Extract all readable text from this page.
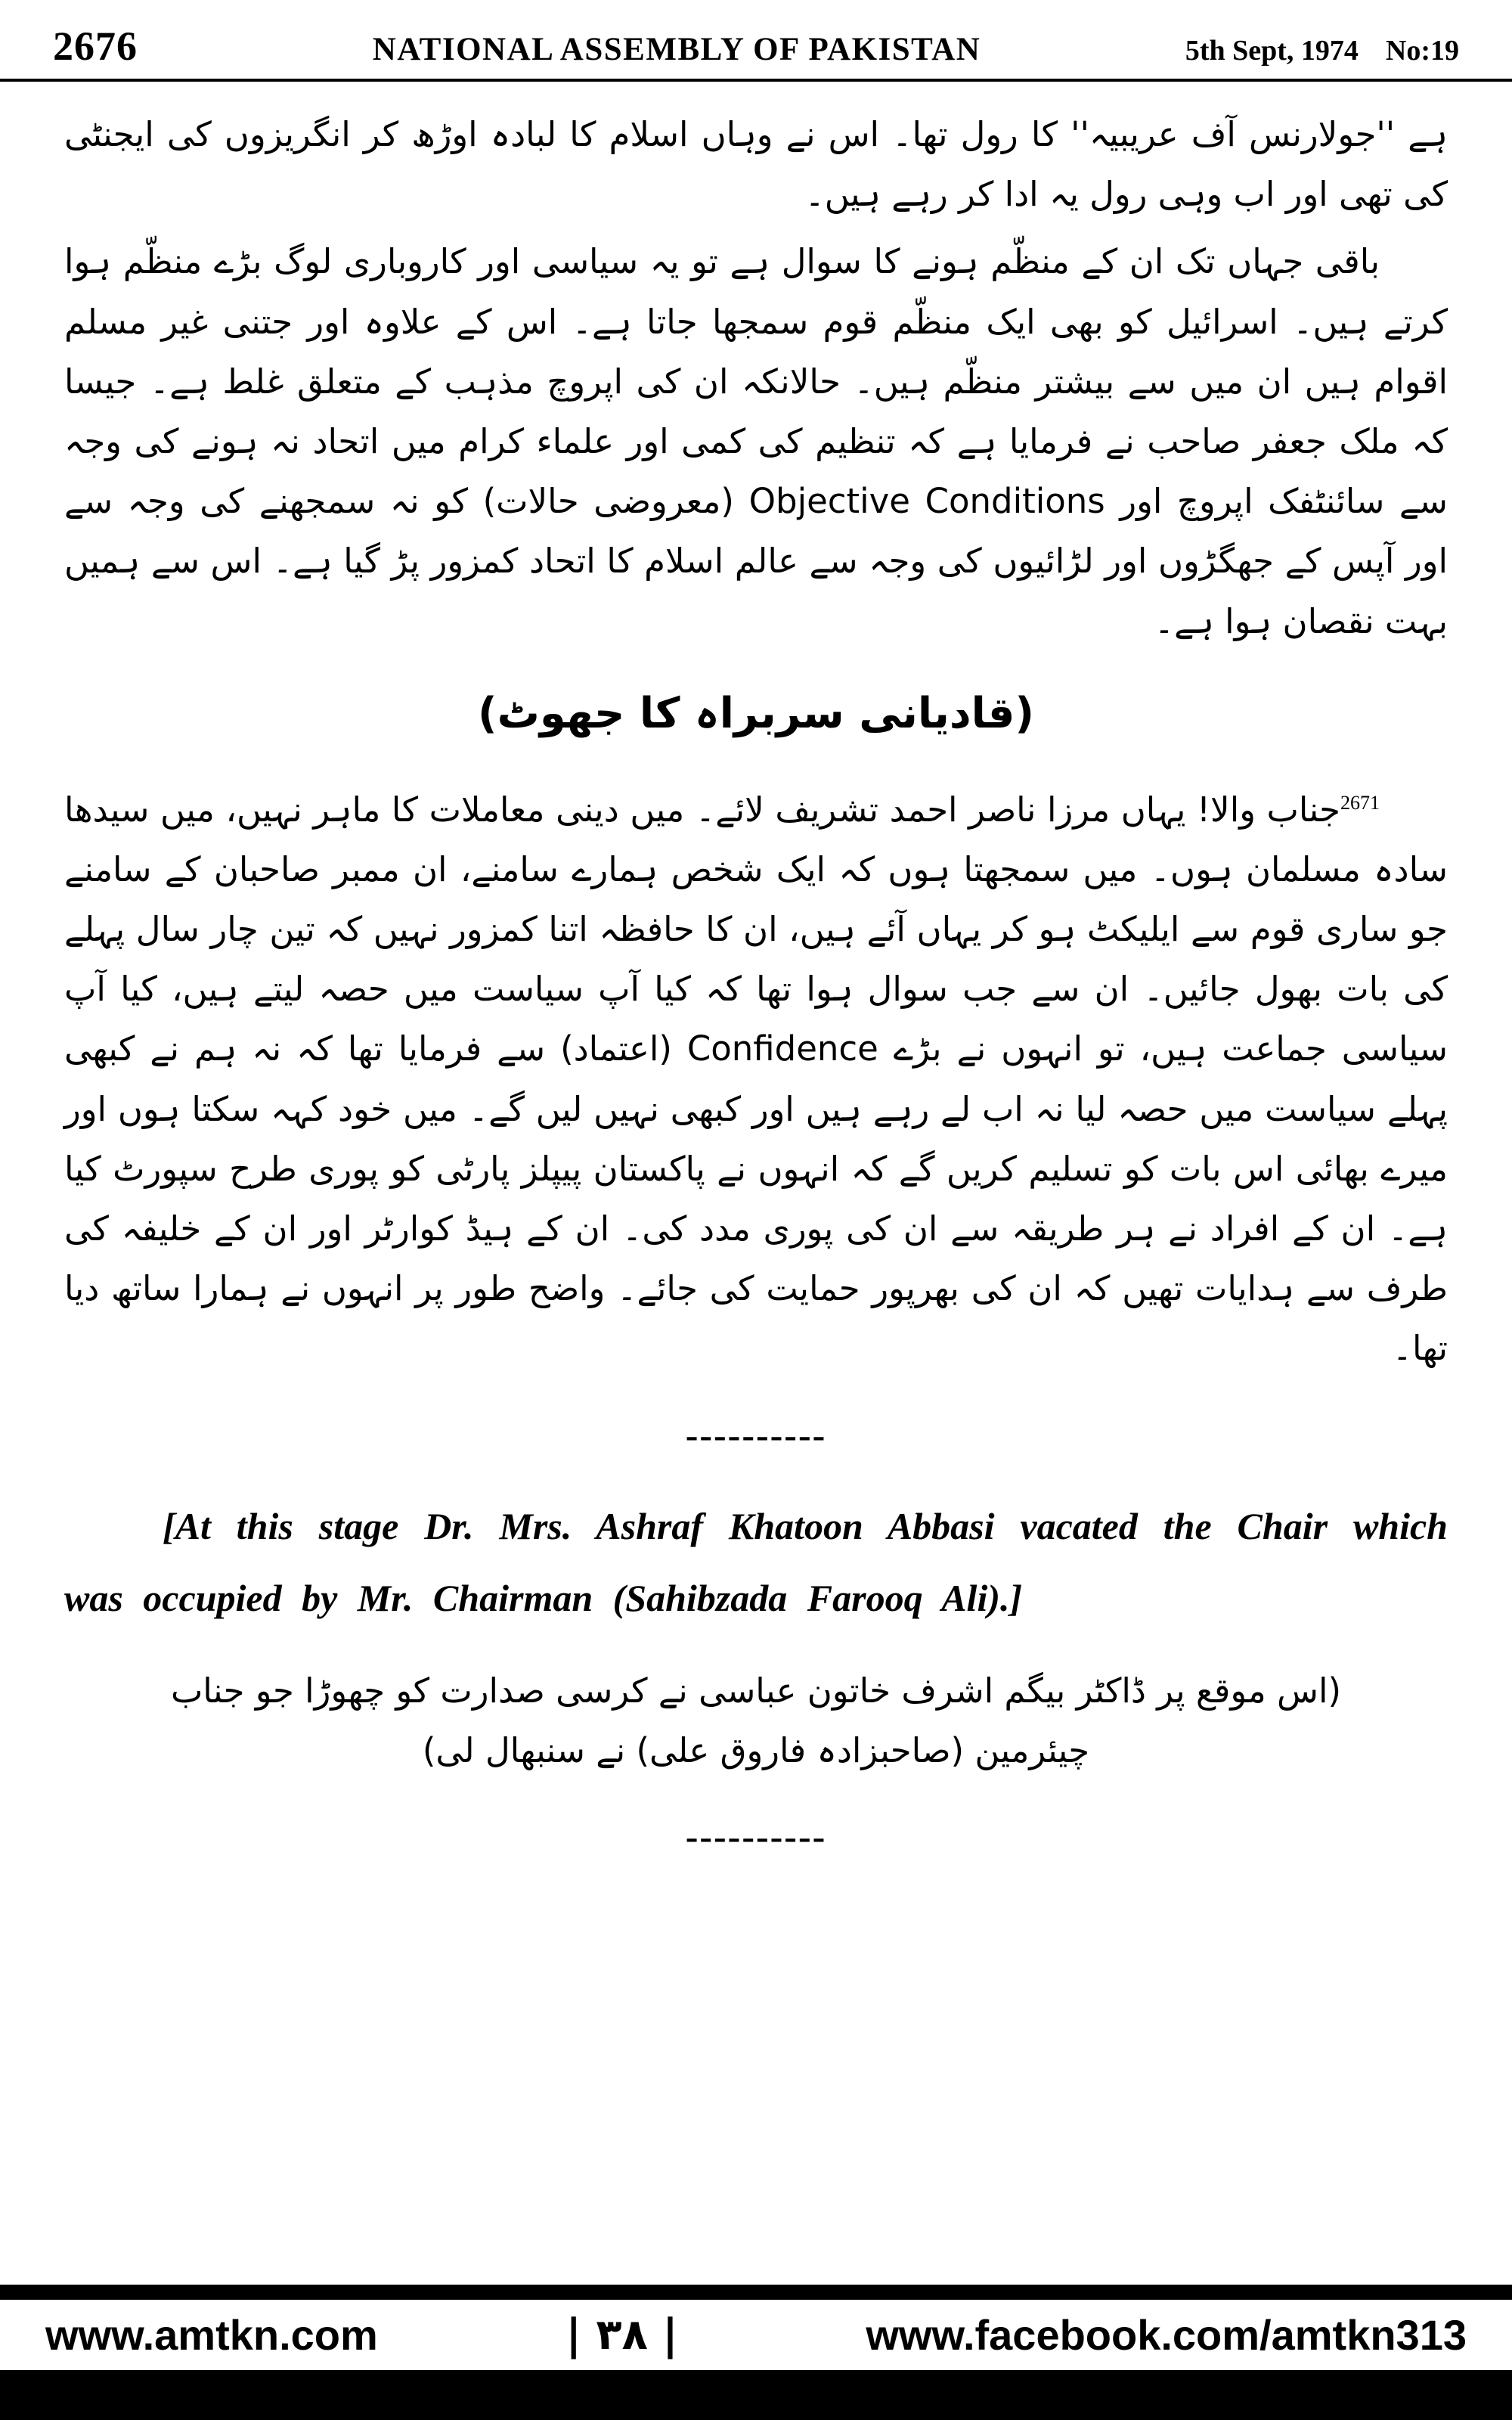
2676	NATIONAL ASSEMBLY OF PAKISTAN	5th Sept, 1974 No:19

ہے ''جولارنس آف عریبیہ'' کا رول تھا۔ اس نے وہاں اسلام کا لبادہ اوڑھ کر انگریزوں کی ایجنٹی کی تھی اور اب وہی رول یہ ادا کر رہے ہیں۔

باقی جہاں تک ان کے منظّم ہونے کا سوال ہے تو یہ سیاسی اور کاروباری لوگ بڑے منظّم ہوا کرتے ہیں۔ اسرائیل کو بھی ایک منظّم قوم سمجھا جاتا ہے۔ اس کے علاوہ اور جتنی غیر مسلم اقوام ہیں ان میں سے بیشتر منظّم ہیں۔ حالانکہ ان کی اپروچ مذہب کے متعلق غلط ہے۔ جیسا کہ ملک جعفر صاحب نے فرمایا ہے کہ تنظیم کی کمی اور علماء کرام میں اتحاد نہ ہونے کی وجہ سے سائنٹفک اپروچ اور Objective Conditions (معروضی حالات) کو نہ سمجھنے کی وجہ سے اور آپس کے جھگڑوں اور لڑائیوں کی وجہ سے عالم اسلام کا اتحاد کمزور پڑ گیا ہے۔ اس سے ہمیں بہت نقصان ہوا ہے۔

(قادیانی سربراہ کا جھوٹ)

$^{2671}$جناب والا! یہاں مرزا ناصر احمد تشریف لائے۔ میں دینی معاملات کا ماہر نہیں، میں سیدھا سادہ مسلمان ہوں۔ میں سمجھتا ہوں کہ ایک شخص ہمارے سامنے، ان ممبر صاحبان کے سامنے جو ساری قوم سے ایلیکٹ ہو کر یہاں آئے ہیں، ان کا حافظہ اتنا کمزور نہیں کہ تین چار سال پہلے کی بات بھول جائیں۔ ان سے جب سوال ہوا تھا کہ کیا آپ سیاست میں حصہ لیتے ہیں، کیا آپ سیاسی جماعت ہیں، تو انہوں نے بڑے Confidence (اعتماد) سے فرمایا تھا کہ نہ ہم نے کبھی پہلے سیاست میں حصہ لیا نہ اب لے رہے ہیں اور کبھی نہیں لیں گے۔ میں خود کہہ سکتا ہوں اور میرے بھائی اس بات کو تسلیم کریں گے کہ انہوں نے پاکستان پیپلز پارٹی کو پوری طرح سپورٹ کیا ہے۔ ان کے افراد نے ہر طریقہ سے ان کی پوری مدد کی۔ ان کے ہیڈ کوارٹر اور ان کے خلیفہ کی طرف سے ہدایات تھیں کہ ان کی بھرپور حمایت کی جائے۔ واضح طور پر انہوں نے ہمارا ساتھ دیا تھا۔

----------

[At this stage Dr. Mrs. Ashraf Khatoon Abbasi vacated the Chair which was occupied by Mr. Chairman (Sahibzada Farooq Ali).]

(اس موقع پر ڈاکٹر بیگم اشرف خاتون عباسی نے کرسی صدارت کو چھوڑا جو جناب چیئرمین (صاحبزادہ فاروق علی) نے سنبھال لی)

----------
www.amtkn.com	| ۳۸ |	www.facebook.com/amtkn313
